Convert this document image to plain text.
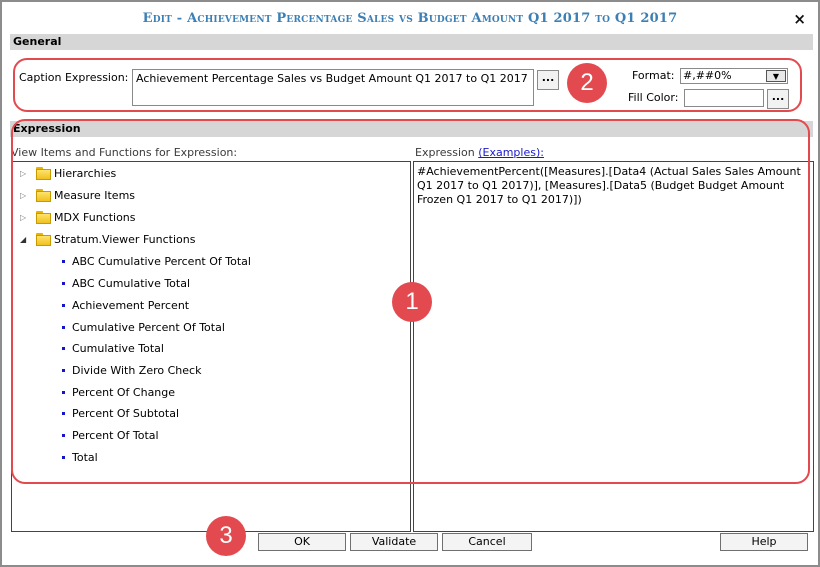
Edit - Achievement Percentage Sales vs Budget Amount Q1 2017 to Q1 2017	×
General
2
Caption Expression: Achievement Percentage Sales vs Budget Amount Q1 2017 to Q1 2017	...	Format: #,##0%	▼
Fill Color:	...
Expression
View Items and Functions for Expression:	Expression (Examples):
▷	Hierarchies
▷	Measure Items
▷	MDX Functions
◢	Stratum.Viewer Functions
ABC Cumulative Percent Of Total
ABC Cumulative Total
Achievement Percent
Cumulative Percent Of Total
Cumulative Total
Divide With Zero Check
Percent Of Change
Percent Of Subtotal
Percent Of Total
Total
#AchievementPercent([Measures].[Data4 (Actual Sales Sales Amount Q1 2017 to Q1 2017)], [Measures].[Data5 (Budget Budget Amount Frozen Q1 2017 to Q1 2017)])
1
3	OK	Validate	Cancel	Help
